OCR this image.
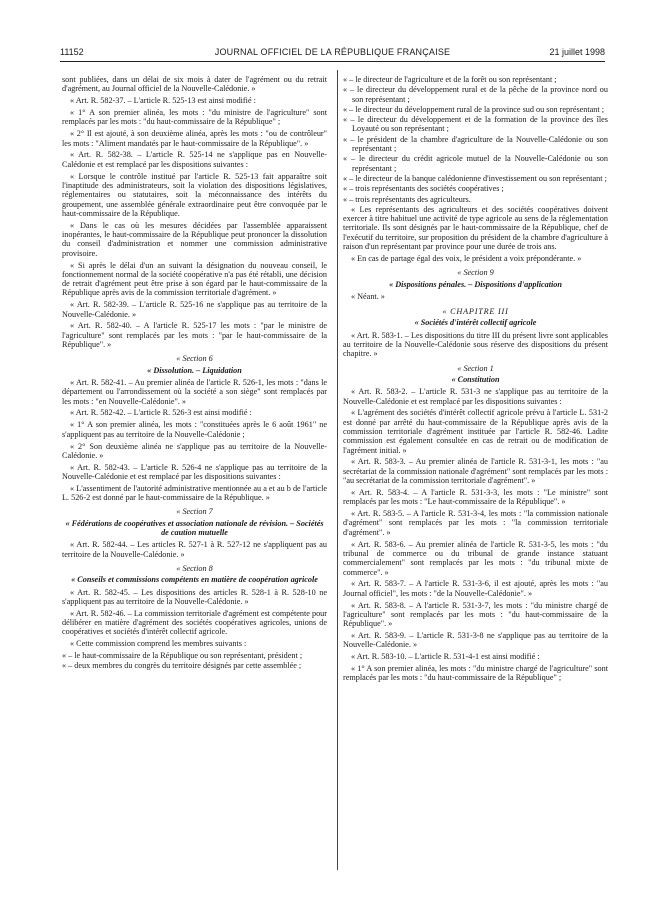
11152	JOURNAL OFFICIEL DE LA RÉPUBLIQUE FRANÇAISE	21 juillet 1998

sont publiées, dans un délai de six mois à dater de l'agrément ou du retrait d'agrément, au Journal officiel de la Nouvelle-Calédonie. »

« Art. R. 582-37. – L'article R. 525-13 est ainsi modifié :

« 1° A son premier alinéa, les mots : "du ministre de l'agriculture" sont remplacés par les mots : "du haut-commissaire de la République" ;

« 2° Il est ajouté, à son deuxième alinéa, après les mots : "ou de contrôleur" les mots : "Aliment mandatés par le haut-commissaire de la République". »

« Art. R. 582-38. – L'article R. 525-14 ne s'applique pas en Nouvelle-Calédonie et est remplacé par les dispositions suivantes :

« Lorsque le contrôle institué par l'article R. 525-13 fait apparaître soit l'inaptitude des administrateurs, soit la violation des dispositions législatives, réglementaires ou statutaires, soit la méconnaissance des intérêts du groupement, une assemblée générale extraordinaire peut être convoquée par le haut-commissaire de la République.

« Dans le cas où les mesures décidées par l'assemblée apparaissent inopérantes, le haut-commissaire de la République peut prononcer la dissolution du conseil d'administration et nommer une commission administrative provisoire.

« Si après le délai d'un an suivant la désignation du nouveau conseil, le fonctionnement normal de la société coopérative n'a pas été rétabli, une décision de retrait d'agrément peut être prise à son égard par le haut-commissaire de la République après avis de la commission territoriale d'agrément. »

« Art. R. 582-39. – L'article R. 525-16 ne s'applique pas au territoire de la Nouvelle-Calédonie. »

« Art. R. 582-40. – A l'article R. 525-17 les mots : "par le ministre de l'agriculture" sont remplacés par les mots : "par le haut-commissaire de la République". »

« Section 6

« Dissolution. – Liquidation

« Art. R. 582-41. – Au premier alinéa de l'article R. 526-1, les mots : "dans le département ou l'arrondissement où la société a son siège" sont remplacés par les mots : "en Nouvelle-Calédonie". »

« Art. R. 582-42. – L'article R. 526-3 est ainsi modifié :

« 1° A son premier alinéa, les mots : "constituées après le 6 août 1961" ne s'appliquent pas au territoire de la Nouvelle-Calédonie ;

« 2° Son deuxième alinéa ne s'applique pas au territoire de la Nouvelle-Calédonie. »

« Art. R. 582-43. – L'article R. 526-4 ne s'applique pas au territoire de la Nouvelle-Calédonie et est remplacé par les dispositions suivantes :

« L'assentiment de l'autorité administrative mentionnée au a et au b de l'article L. 526-2 est donné par le haut-commissaire de la République. »

« Section 7

« Fédérations de coopératives et association nationale de révision. – Sociétés de caution mutuelle

« Art. R. 582-44. – Les articles R. 527-1 à R. 527-12 ne s'appliquent pas au territoire de la Nouvelle-Calédonie. »

« Section 8

« Conseils et commissions compétents en matière de coopération agricole

« Art. R. 582-45. – Les dispositions des articles R. 528-1 à R. 528-10 ne s'appliquent pas au territoire de la Nouvelle-Calédonie. »

« Art. R. 582-46. – La commission territoriale d'agrément est compétente pour délibérer en matière d'agrément des sociétés coopératives agricoles, unions de coopératives et sociétés d'intérêt collectif agricole.

« Cette commission comprend les membres suivants :

« – le haut-commissaire de la République ou son représentant, président ;

« – deux membres du congrès du territoire désignés par cette assemblée ;

« – le directeur de l'agriculture et de la forêt ou son représentant ;

« – le directeur du développement rural et de la pêche de la province nord ou son représentant ;

« – le directeur du développement rural de la province sud ou son représentant ;

« – le directeur du développement et de la formation de la province des îles Loyauté ou son représentant ;

« – le président de la chambre d'agriculture de la Nouvelle-Calédonie ou son représentant ;

« – le directeur du crédit agricole mutuel de la Nouvelle-Calédonie ou son représentant ;

« – le directeur de la banque calédonienne d'investissement ou son représentant ;

« – trois représentants des sociétés coopératives ;

« – trois représentants des agriculteurs.

« Les représentants des agriculteurs et des sociétés coopératives doivent exercer à titre habituel une activité de type agricole au sens de la réglementation territoriale. Ils sont désignés par le haut-commissaire de la République, chef de l'exécutif du territoire, sur proposition du président de la chambre d'agriculture à raison d'un représentant par province pour une durée de trois ans.

« En cas de partage égal des voix, le président a voix prépondérante. »

« Section 9

« Dispositions pénales. – Dispositions d'application

« Néant. »

« CHAPITRE III

« Sociétés d'intérêt collectif agricole

« Art. R. 583-1. – Les dispositions du titre III du présent livre sont applicables au territoire de la Nouvelle-Calédonie sous réserve des dispositions du présent chapitre. »

« Section 1

« Constitution

« Art. R. 583-2. – L'article R. 531-3 ne s'applique pas au territoire de la Nouvelle-Calédonie et est remplacé par les dispositions suivantes :

« L'agrément des sociétés d'intérêt collectif agricole prévu à l'article L. 531-2 est donné par arrêté du haut-commissaire de la République après avis de la commission territoriale d'agrément instituée par l'article R. 582-46. Ladite commission est également consultée en cas de retrait ou de modification de l'agrément initial. »

« Art. R. 583-3. – Au premier alinéa de l'article R. 531-3-1, les mots : "au secrétariat de la commission nationale d'agrément" sont remplacés par les mots : "au secrétariat de la commission territoriale d'agrément". »

« Art. R. 583-4. – A l'article R. 531-3-3, les mots : "Le ministre" sont remplacés par les mots : "Le haut-commissaire de la République". »

« Art. R. 583-5. – A l'article R. 531-3-4, les mots : "la commission nationale d'agrément" sont remplacés par les mots : "la commission territoriale d'agrément". »

« Art. R. 583-6. – Au premier alinéa de l'article R. 531-3-5, les mots : "du tribunal de commerce ou du tribunal de grande instance statuant commercialement" sont remplacés par les mots : "du tribunal mixte de commerce". »

« Art. R. 583-7. – A l'article R. 531-3-6, il est ajouté, après les mots : "au Journal officiel", les mots : "de la Nouvelle-Calédonie". »

« Art. R. 583-8. – A l'article R. 531-3-7, les mots : "du ministre chargé de l'agriculture" sont remplacés par les mots : "du haut-commissaire de la République". »

« Art. R. 583-9. – L'article R. 531-3-8 ne s'applique pas au territoire de la Nouvelle-Calédonie. »

« Art. R. 583-10. – L'article R. 531-4-1 est ainsi modifié :

« 1° A son premier alinéa, les mots : "du ministre chargé de l'agriculture" sont remplacés par les mots : "du haut-commissaire de la République" ;
